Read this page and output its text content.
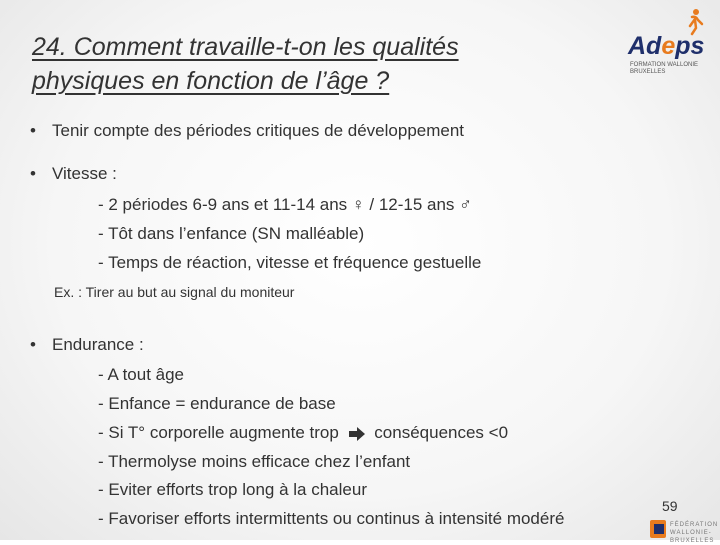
24. Comment travaille-t-on les qualités
physiques en fonction de l’âge ?
Adeps
FORMATION WALLONIE BRUXELLES
• Tenir compte des périodes critiques de développement
• Vitesse :
- 2 périodes 6-9 ans et 11-14 ans ♀ / 12-15 ans ♂
- Tôt dans l’enfance (SN malléable)
- Temps de réaction, vitesse et fréquence gestuelle
Ex. : Tirer au but au signal du moniteur
• Endurance :
- A tout âge
- Enfance = endurance de base
- Si T° corporelle augmente trop conséquences <0
- Thermolyse moins efficace chez l’enfant
- Eviter efforts trop long à la chaleur
- Favoriser efforts intermittents ou continus à intensité modéré
59
FÉDÉRATION WALLONIE-BRUXELLES
